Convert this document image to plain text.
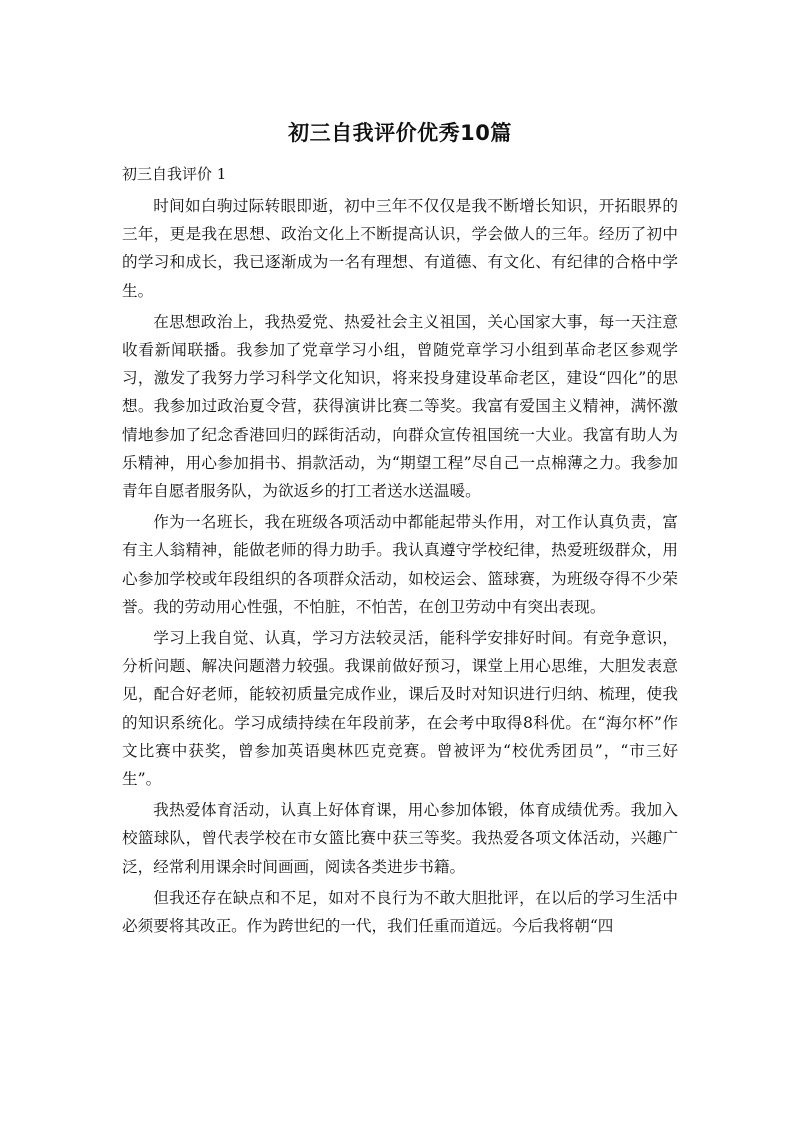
初三自我评价优秀10篇
初三自我评价 1

时间如白驹过际转眼即逝，初中三年不仅仅是我不断增长知识，开拓眼界的三年，更是我在思想、政治文化上不断提高认识，学会做人的三年。经历了初中的学习和成长，我已逐渐成为一名有理想、有道德、有文化、有纪律的合格中学生。

在思想政治上，我热爱党、热爱社会主义祖国，关心国家大事，每一天注意收看新闻联播。我参加了党章学习小组，曾随党章学习小组到革命老区参观学习，激发了我努力学习科学文化知识，将来投身建设革命老区，建设“四化”的思想。我参加过政治夏令营，获得演讲比赛二等奖。我富有爱国主义精神，满怀激情地参加了纪念香港回归的踩街活动，向群众宣传祖国统一大业。我富有助人为乐精神，用心参加捐书、捐款活动，为“期望工程”尽自己一点棉薄之力。我参加青年自愿者服务队，为欲返乡的打工者送水送温暖。

作为一名班长，我在班级各项活动中都能起带头作用，对工作认真负责，富有主人翁精神，能做老师的得力助手。我认真遵守学校纪律，热爱班级群众，用心参加学校或年段组织的各项群众活动，如校运会、篮球赛，为班级夺得不少荣誉。我的劳动用心性强，不怕脏，不怕苦，在创卫劳动中有突出表现。

学习上我自觉、认真，学习方法较灵活，能科学安排好时间。有竞争意识，分析问题、解决问题潜力较强。我课前做好预习，课堂上用心思维，大胆发表意见，配合好老师，能较初质量完成作业，课后及时对知识进行归纳、梳理，使我的知识系统化。学习成绩持续在年段前茅，在会考中取得8科优。在“海尔杯”作文比赛中获奖，曾参加英语奥林匹克竞赛。曾被评为“校优秀团员”，“市三好生”。

我热爱体育活动，认真上好体育课，用心参加体锻，体育成绩优秀。我加入校篮球队，曾代表学校在市女篮比赛中获三等奖。我热爱各项文体活动，兴趣广泛，经常利用课余时间画画，阅读各类进步书籍。

但我还存在缺点和不足，如对不良行为不敢大胆批评，在以后的学习生活中必须要将其改正。作为跨世纪的一代，我们任重而道远。今后我将朝“四
